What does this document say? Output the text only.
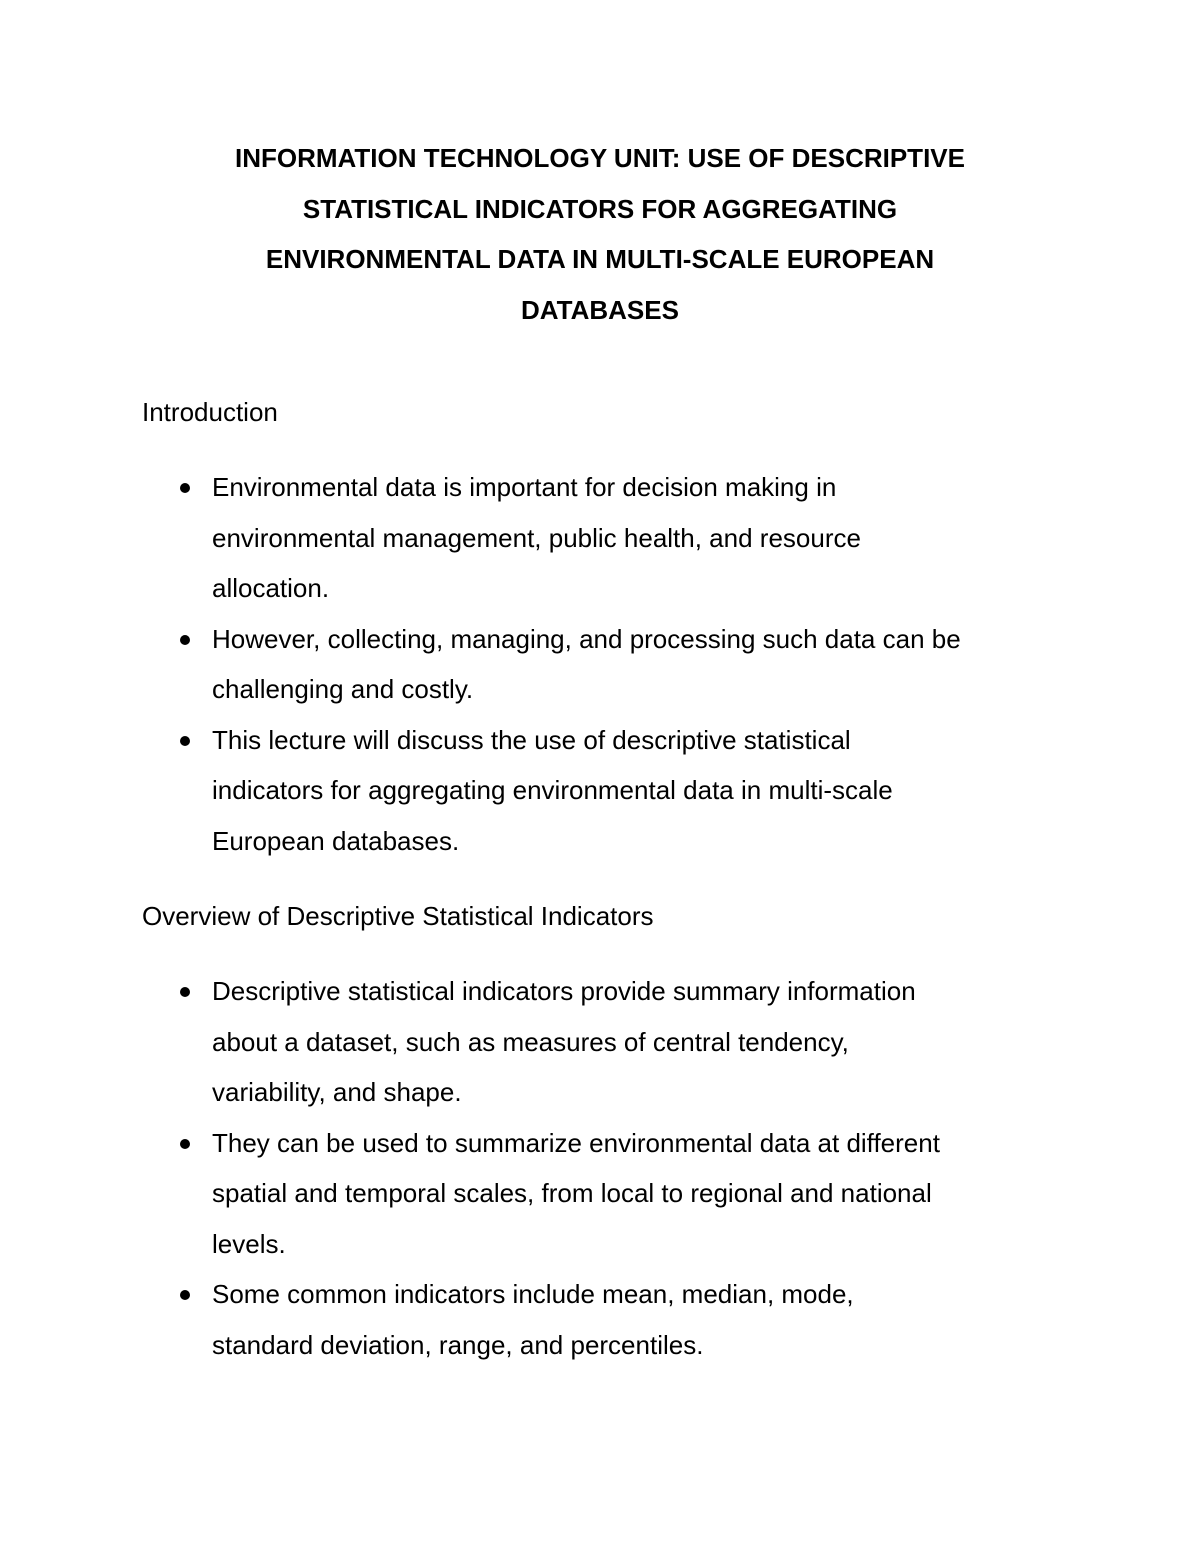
INFORMATION TECHNOLOGY UNIT: USE OF DESCRIPTIVE
STATISTICAL INDICATORS FOR AGGREGATING
ENVIRONMENTAL DATA IN MULTI-SCALE EUROPEAN
DATABASES
Introduction
Environmental data is important for decision making in
environmental management, public health, and resource
allocation.
However, collecting, managing, and processing such data can be
challenging and costly.
This lecture will discuss the use of descriptive statistical
indicators for aggregating environmental data in multi-scale
European databases.
Overview of Descriptive Statistical Indicators
Descriptive statistical indicators provide summary information
about a dataset, such as measures of central tendency,
variability, and shape.
They can be used to summarize environmental data at different
spatial and temporal scales, from local to regional and national
levels.
Some common indicators include mean, median, mode,
standard deviation, range, and percentiles.
